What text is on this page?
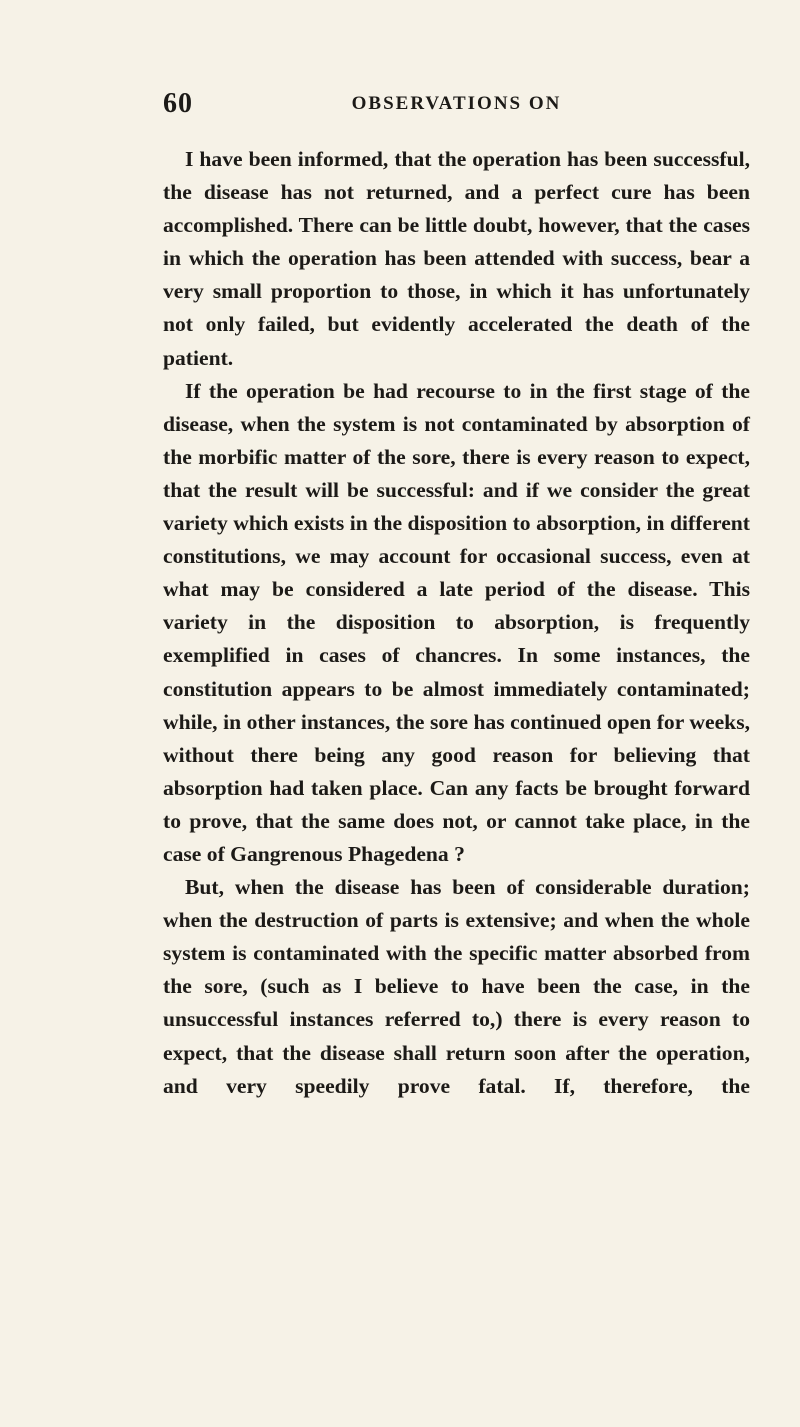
60	OBSERVATIONS ON

I have been informed, that the operation has been successful, the disease has not returned, and a perfect cure has been accomplished. There can be little doubt, however, that the cases in which the operation has been attended with success, bear a very small proportion to those, in which it has unfortunately not only failed, but evidently accelerated the death of the patient.

If the operation be had recourse to in the first stage of the disease, when the system is not contaminated by absorption of the morbific matter of the sore, there is every reason to expect, that the result will be successful: and if we consider the great variety which exists in the disposition to absorption, in different constitutions, we may account for occasional success, even at what may be considered a late period of the disease. This variety in the disposition to absorption, is frequently exemplified in cases of chancres. In some instances, the constitution appears to be almost immediately contaminated; while, in other instances, the sore has continued open for weeks, without there being any good reason for believing that absorption had taken place. Can any facts be brought forward to prove, that the same does not, or cannot take place, in the case of Gangrenous Phagedena ?

But, when the disease has been of considerable duration; when the destruction of parts is extensive; and when the whole system is contaminated with the specific matter absorbed from the sore, (such as I believe to have been the case, in the unsuccessful instances referred to,) there is every reason to expect, that the disease shall return soon after the operation, and very speedily prove fatal. If, therefore, the
